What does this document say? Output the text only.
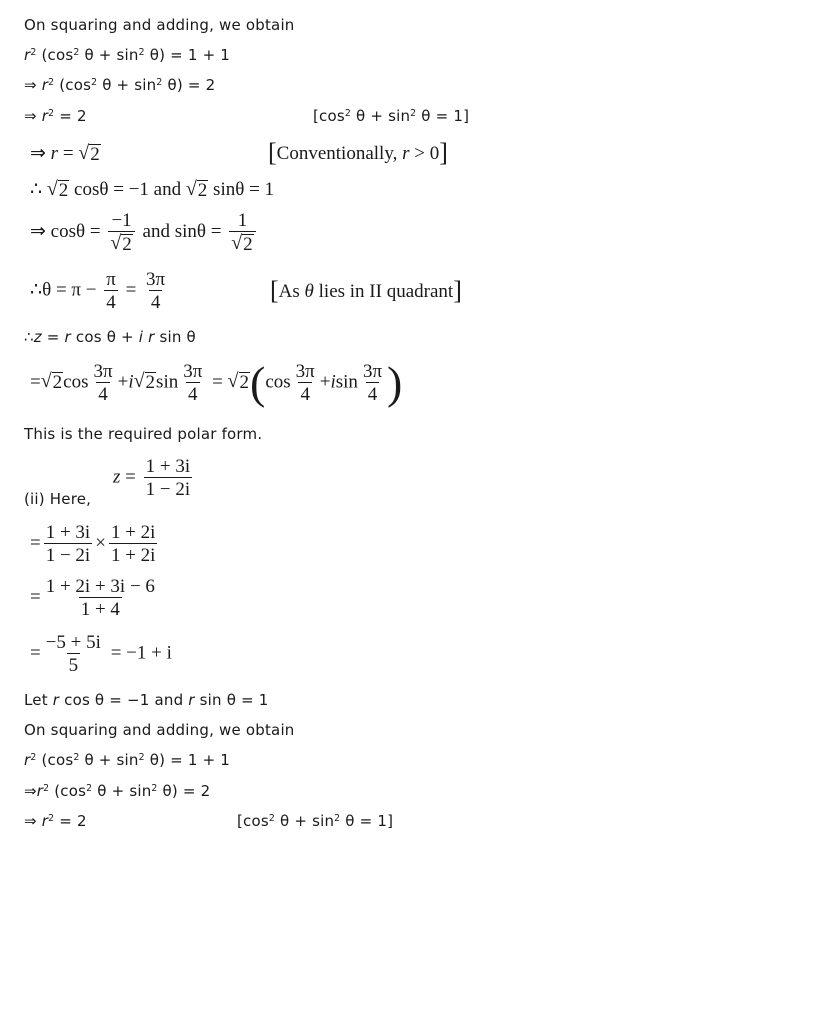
On squaring and adding, we obtain
$r^2$ ($\cos^2$ $\theta + \sin^2 \theta) = 1 + 1$
⇒ $r^2$ ($\cos^2$ $\theta + \sin^2 \theta) = 2$
⇒ $r^2 = 2$	[$\cos^2$ $\theta + \sin^2 \theta = 1$]
⇒ r = √ 2	[Conventionally, r > 0]
∴ √ 2 cosθ = −1 and √ 2 sinθ = 1
⇒ $\cos\theta = \frac{-1}{√ 2}$ and $\sin\theta = \frac{1}{√ 2}$
∴θ = $\pi - \frac{\pi}{4} = \frac{3\pi}{4}$	[As θ lies in II quadrant]
∴z = r cos θ + i r sin θ
= √ 2 $\cos \frac{3\pi}{4} +i$ √ 2 $\sin \frac{3\pi}{4}$ = √ 2 ($\cos \frac{3\pi}{4} +isin \frac{3\pi}{4}$ )
This is the required polar form.
(ii) Here,
$z = \frac{1 + 3i}{1 - 2i}$
= $\frac{1 + 3i}{1 - 2i} \times \frac{1 + 2i}{1 + 2i}$
= $\frac{1 + 2i + 3i - 6}{1 + 4}$
= $\frac{-5 + 5i}{5} = -1 + i$
Let r cos θ = −1 and r sin θ = 1
On squaring and adding, we obtain
$r^2$ ($\cos^2$ $\theta + \sin^2 \theta) = 1 + 1$
$\Rightarrow r^2$ ($\cos^2$ $\theta + \sin^2 \theta) = 2$
⇒ $r^2 = 2$	[$\cos^2$ $\theta + \sin^2 \theta = 1$]
